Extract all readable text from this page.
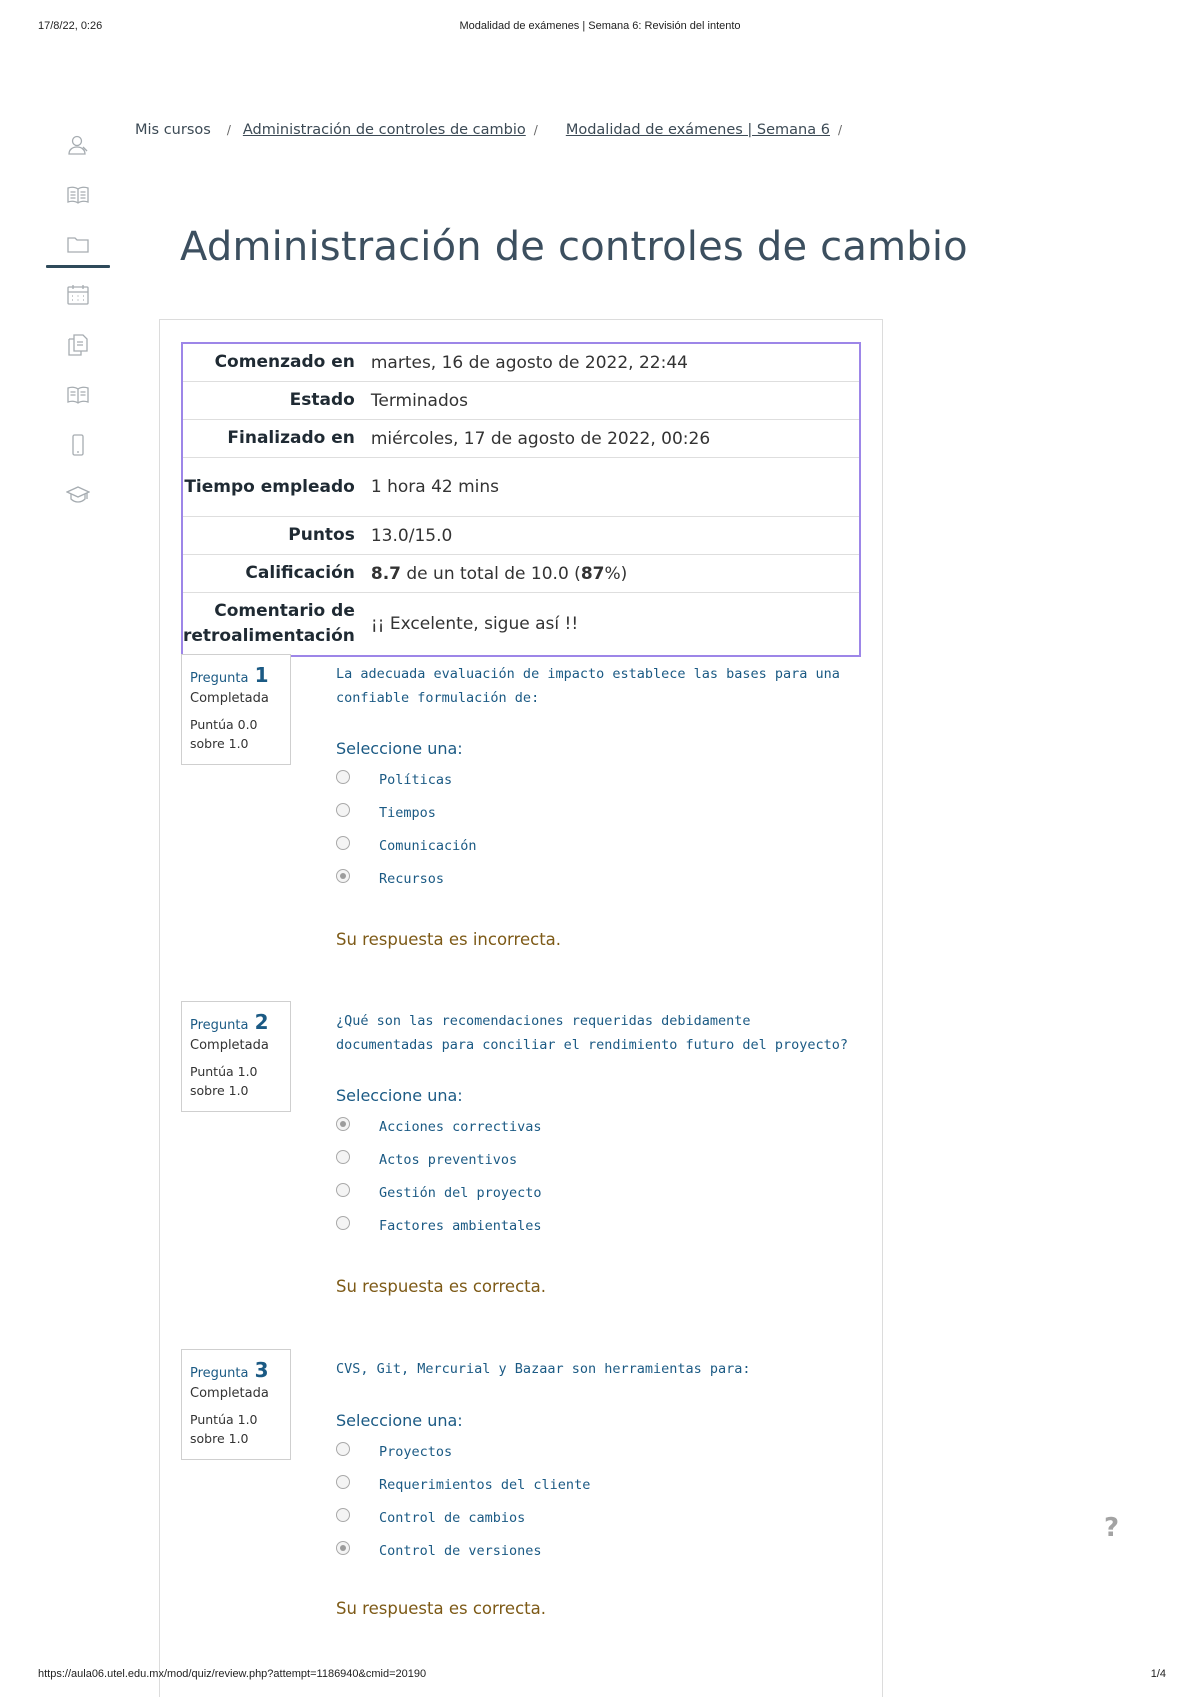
17/8/22, 0:26	Modalidad de exámenes | Semana 6: Revisión del intento
Mis cursos / Administración de controles de cambio / Modalidad de exámenes | Semana 6 /
Administración de controles de cambio
Comenzado en	martes, 16 de agosto de 2022, 22:44
Estado	Terminados
Finalizado en	miércoles, 17 de agosto de 2022, 00:26
Tiempo empleado	1 hora 42 mins
Puntos	13.0/15.0
Calificación	8.7 de un total de 10.0 (87%)
Comentario de retroalimentación	¡¡ Excelente, sigue así !!
Pregunta 1
Completada
Puntúa 0.0
sobre 1.0
La adecuada evaluación de impacto establece las bases para una confiable formulación de:
Seleccione una:
Políticas
Tiempos
Comunicación
Recursos
Su respuesta es incorrecta.
Pregunta 2
Completada
Puntúa 1.0
sobre 1.0
¿Qué son las recomendaciones requeridas debidamente documentadas para conciliar el rendimiento futuro del proyecto?
Seleccione una:
Acciones correctivas
Actos preventivos
Gestión del proyecto
Factores ambientales
Su respuesta es correcta.
Pregunta 3
Completada
Puntúa 1.0
sobre 1.0
CVS, Git, Mercurial y Bazaar son herramientas para:
Seleccione una:
Proyectos
Requerimientos del cliente
Control de cambios
Control de versiones
Su respuesta es correcta.
?
https://aula06.utel.edu.mx/mod/quiz/review.php?attempt=1186940&cmid=20190	1/4
